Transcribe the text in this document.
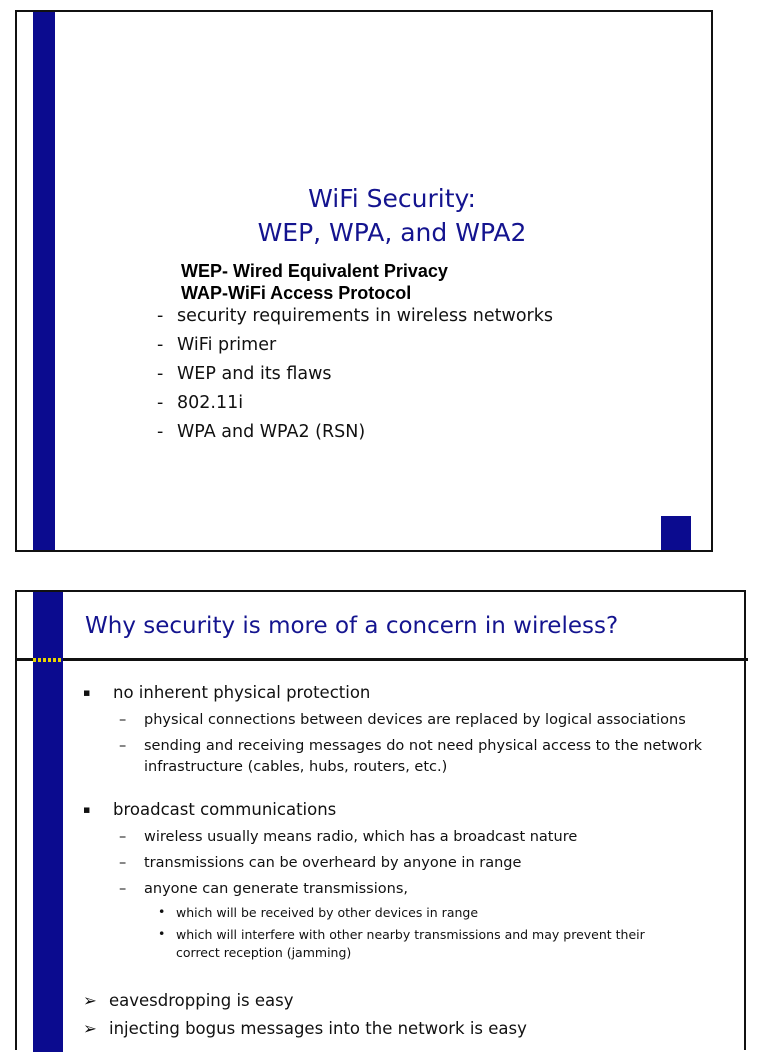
WiFi Security:
WEP, WPA, and WPA2
WEP- Wired Equivalent Privacy
WAP-WiFi Access Protocol
- security requirements in wireless networks
- WiFi primer
- WEP and its flaws
- 802.11i
- WPA and WPA2 (RSN)
Why security is more of a concern in wireless?
▪ no inherent physical protection
– physical connections between devices are replaced by logical associations
– sending and receiving messages do not need physical access to the network
infrastructure (cables, hubs, routers, etc.)
▪ broadcast communications
– wireless usually means radio, which has a broadcast nature
– transmissions can be overheard by anyone in range
– anyone can generate transmissions,
• which will be received by other devices in range
• which will interfere with other nearby transmissions and may prevent their
correct reception (jamming)
➢ eavesdropping is easy
➢ injecting bogus messages into the network is easy
